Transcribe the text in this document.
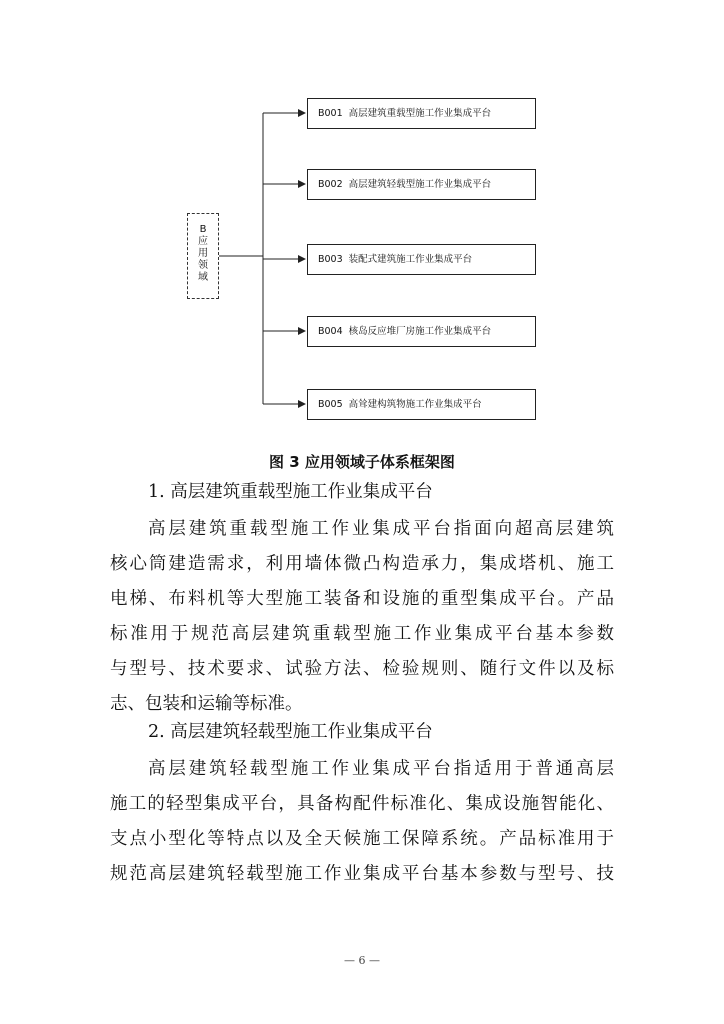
B
应
用
领
域
B001 高层建筑重载型施工作业集成平台
B002 高层建筑轻载型施工作业集成平台
B003 装配式建筑施工作业集成平台
B004 核岛反应堆厂房施工作业集成平台
B005 高耸建构筑物施工作业集成平台
图 3 应用领域子体系框架图
1. 高层建筑重载型施工作业集成平台
高层建筑重载型施工作业集成平台指面向超高层建筑
核心筒建造需求，利用墙体微凸构造承力，集成塔机、施工
电梯、布料机等大型施工装备和设施的重型集成平台。产品
标准用于规范高层建筑重载型施工作业集成平台基本参数
与型号、技术要求、试验方法、检验规则、随行文件以及标
志、包装和运输等标准。
2. 高层建筑轻载型施工作业集成平台
高层建筑轻载型施工作业集成平台指适用于普通高层
施工的轻型集成平台，具备构配件标准化、集成设施智能化、
支点小型化等特点以及全天候施工保障系统。产品标准用于
规范高层建筑轻载型施工作业集成平台基本参数与型号、技
— 6 —
